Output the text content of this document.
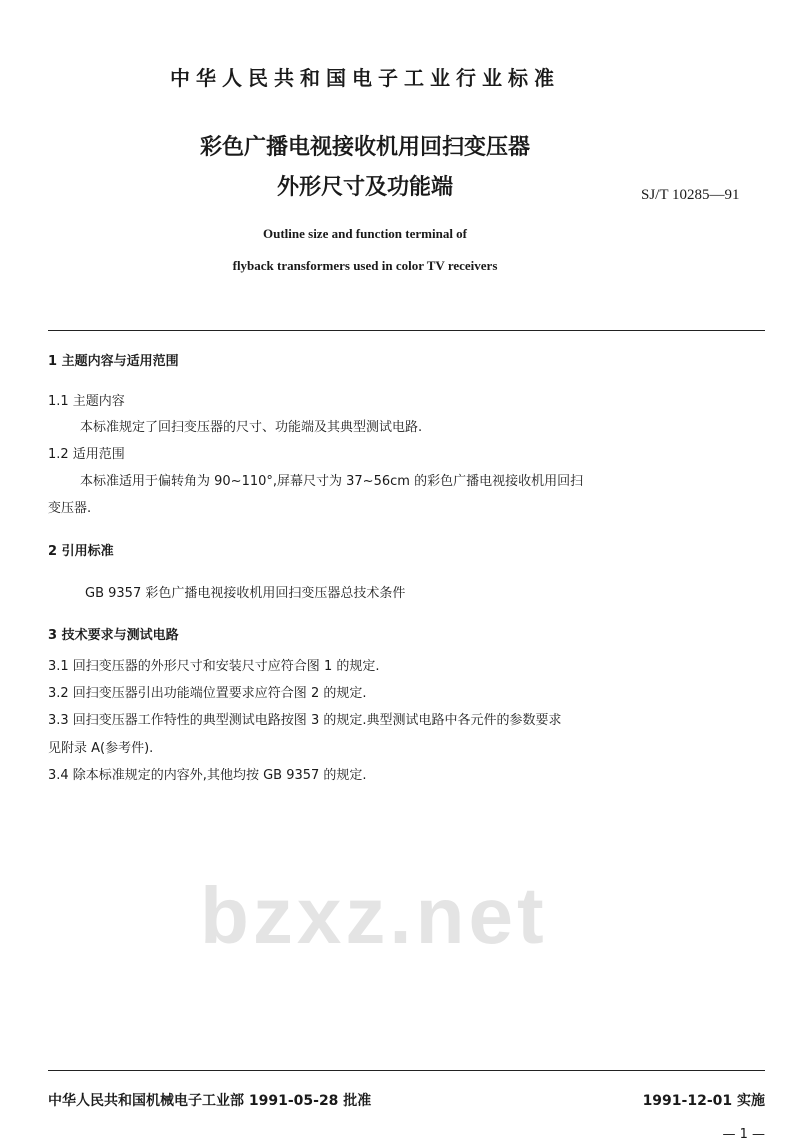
中华人民共和国电子工业行业标准
彩色广播电视接收机用回扫变压器
外形尺寸及功能端	SJ/T 10285—91
Outline size and function terminal of
flyback transformers used in color TV receivers
1 主题内容与适用范围
1.1 主题内容
本标准规定了回扫变压器的尺寸、功能端及其典型测试电路.
1.2 适用范围
本标准适用于偏转角为 90~110°,屏幕尺寸为 37~56cm 的彩色广播电视接收机用回扫
变压器.
2 引用标准
GB 9357 彩色广播电视接收机用回扫变压器总技术条件
3 技术要求与测试电路
3.1 回扫变压器的外形尺寸和安装尺寸应符合图 1 的规定.
3.2 回扫变压器引出功能端位置要求应符合图 2 的规定.
3.3 回扫变压器工作特性的典型测试电路按图 3 的规定.典型测试电路中各元件的参数要求
见附录 A(参考件).
3.4 除本标准规定的内容外,其他均按 GB 9357 的规定.
bzxz.net
中华人民共和国机械电子工业部 1991-05-28 批准	1991-12-01 实施
— 1 —
